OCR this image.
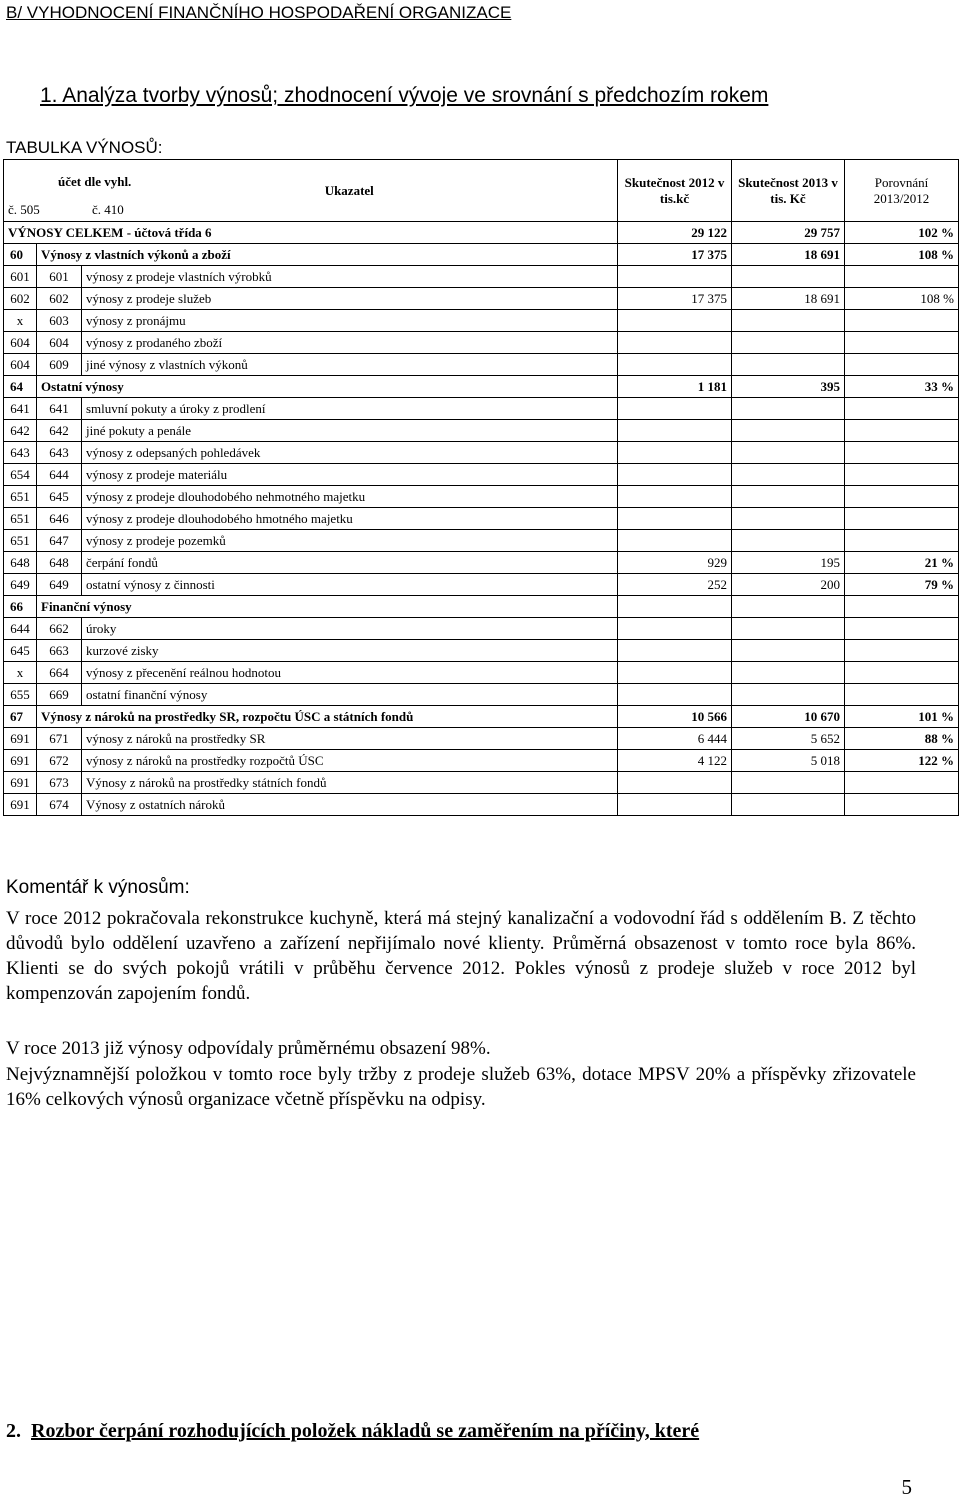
B/ VYHODNOCENÍ FINANČNÍHO HOSPODAŘENÍ ORGANIZACE
1. Analýza tvorby výnosů; zhodnocení vývoje ve srovnání s předchozím rokem
TABULKA VÝNOSŮ:
účet dle vyhl.
č. 505 č. 410		Ukazatel	Skutečnost 2012 v tis.kč	Skutečnost 2013 v tis. Kč	Porovnání 2013/2012
VÝNOSY CELKEM - účtová třída 6			29 122	29 757	102 %
60	Výnosy z vlastních výkonů a zboží		17 375	18 691	108 %
601	601	výnosy z prodeje vlastních výrobků			
602	602	výnosy z prodeje služeb	17 375	18 691	108 %
x	603	výnosy z pronájmu			
604	604	výnosy z prodaného zboží			
604	609	jiné výnosy z vlastních výkonů			
64	Ostatní výnosy		1 181	395	33 %
641	641	smluvní pokuty a úroky z prodlení			
642	642	jiné pokuty a penále			
643	643	výnosy z odepsaných pohledávek			
654	644	výnosy z prodeje materiálu			
651	645	výnosy z prodeje dlouhodobého nehmotného majetku			
651	646	výnosy z prodeje dlouhodobého hmotného majetku			
651	647	výnosy z prodeje pozemků			
648	648	čerpání fondů	929	195	21 %
649	649	ostatní výnosy z činnosti	252	200	79 %
66	Finanční výnosy				
644	662	úroky			
645	663	kurzové zisky			
x	664	výnosy z přecenění reálnou hodnotou			
655	669	ostatní finanční výnosy			
67	Výnosy z nároků na prostředky SR, rozpočtu ÚSC a státních fondů		10 566	10 670	101 %
691	671	výnosy z nároků na prostředky SR	6 444	5 652	88 %
691	672	výnosy z nároků na prostředky rozpočtů ÚSC	4 122	5 018	122 %
691	673	Výnosy z nároků na prostředky státních fondů			
691	674	Výnosy z ostatních nároků			
Komentář k výnosům:
V roce 2012 pokračovala rekonstrukce kuchyně, která má stejný kanalizační a vodovodní řád s oddělením B. Z těchto důvodů bylo oddělení uzavřeno a zařízení nepřijímalo nové klienty. Průměrná obsazenost v tomto roce byla 86%. Klienti se do svých pokojů vrátili v průběhu července 2012. Pokles výnosů z prodeje služeb v roce 2012 byl kompenzován zapojením fondů.
V roce 2013 již výnosy odpovídaly průměrnému obsazení 98%.
Nejvýznamnější položkou v tomto roce byly tržby z prodeje služeb 63%, dotace MPSV 20% a příspěvky zřizovatele 16% celkových výnosů organizace včetně příspěvku na odpisy.
2. Rozbor čerpání rozhodujících položek nákladů se zaměřením na příčiny, které
5
